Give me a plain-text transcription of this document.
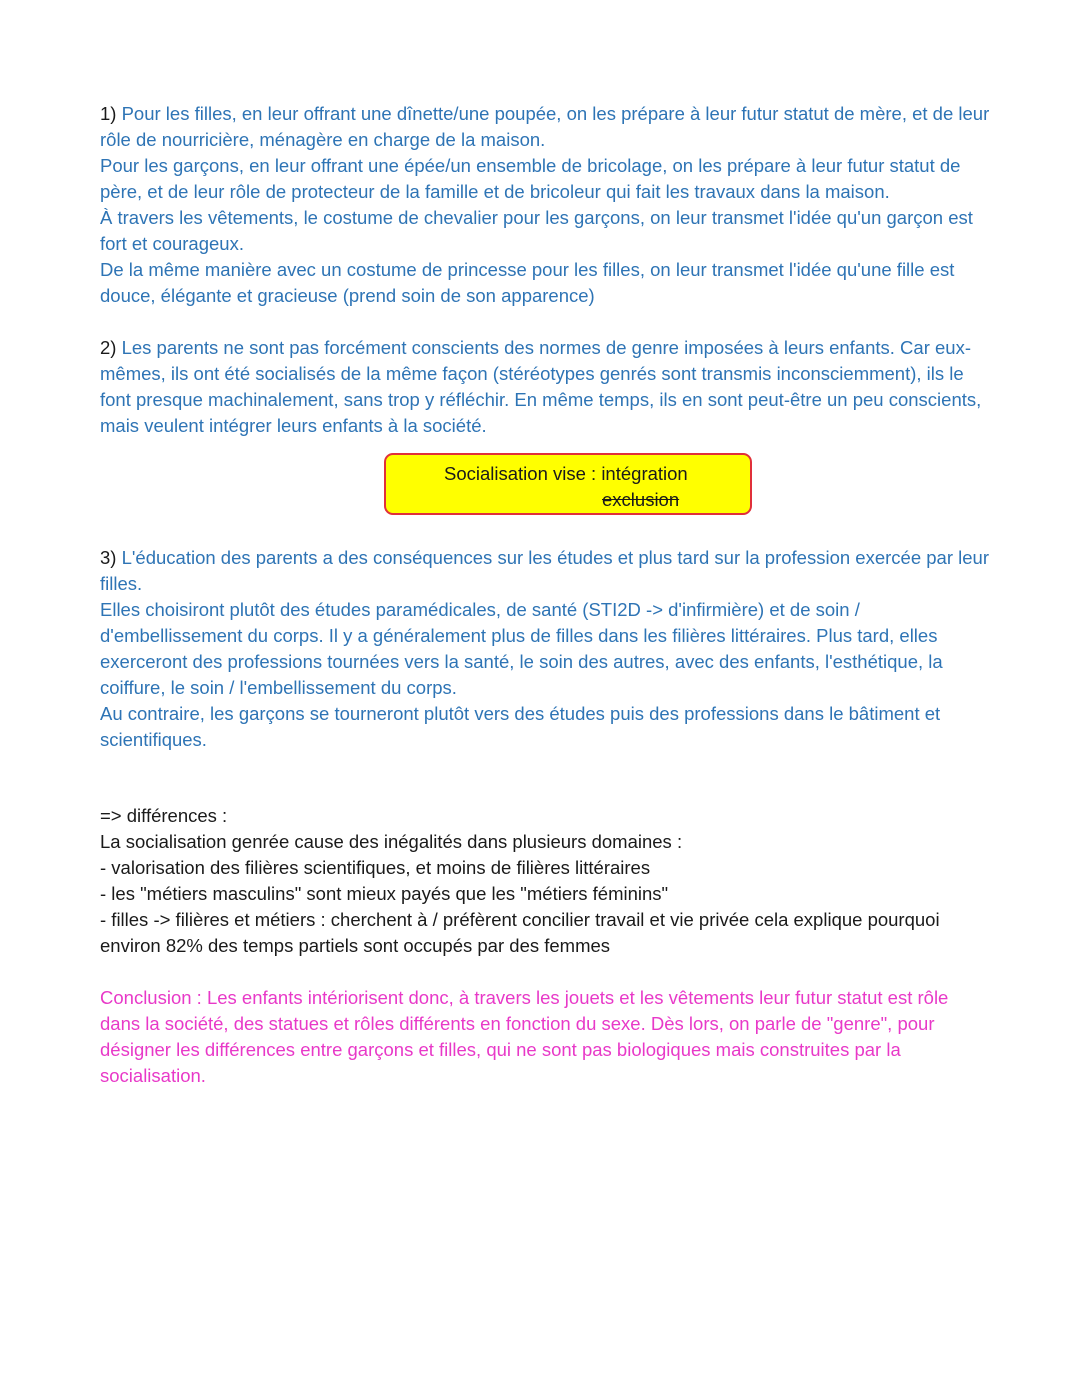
1) Pour les filles, en leur offrant une dînette/une poupée, on les prépare à leur futur statut de mère, et de leur rôle de nourricière, ménagère en charge de la maison.

Pour les garçons, en leur offrant une épée/un ensemble de bricolage, on les prépare à leur futur statut de père, et de leur rôle de protecteur de la famille et de bricoleur qui fait les travaux dans la maison.

À travers les vêtements, le costume de chevalier pour les garçons, on leur transmet l'idée qu'un garçon est fort et courageux.

De la même manière avec un costume de princesse pour les filles, on leur transmet l'idée qu'une fille est douce, élégante et gracieuse (prend soin de son apparence)

2) Les parents ne sont pas forcément conscients des normes de genre imposées à leurs enfants. Car eux-mêmes, ils ont été socialisés de la même façon (stéréotypes genrés sont transmis inconsciemment), ils le font presque machinalement, sans trop y réfléchir. En même temps, ils en sont peut-être un peu conscients, mais veulent intégrer leurs enfants à la société.

Socialisation vise : intégration
exclusion

3) L'éducation des parents a des conséquences sur les études et plus tard sur la profession exercée par leur filles.

Elles choisiront plutôt des études paramédicales, de santé (STI2D -> d'infirmière) et de soin / d'embellissement du corps. Il y a généralement plus de filles dans les filières littéraires. Plus tard, elles exerceront des professions tournées vers la santé, le soin des autres, avec des enfants, l'esthétique, la coiffure, le soin / l'embellissement du corps.

Au contraire, les garçons se tourneront plutôt vers des études puis des professions dans le bâtiment et scientifiques.

=> différences :

La socialisation genrée cause des inégalités dans plusieurs domaines :

- valorisation des filières scientifiques, et moins de filières littéraires

- les "métiers masculins" sont mieux payés que les "métiers féminins"

- filles -> filières et métiers : cherchent à / préfèrent concilier travail et vie privée cela explique pourquoi environ 82% des temps partiels sont occupés par des femmes

Conclusion : Les enfants intériorisent donc, à travers les jouets et les vêtements leur futur statut est rôle dans la société, des statues et rôles différents en fonction du sexe. Dès lors, on parle de "genre", pour désigner les différences entre garçons et filles, qui ne sont pas biologiques mais construites par la socialisation.
